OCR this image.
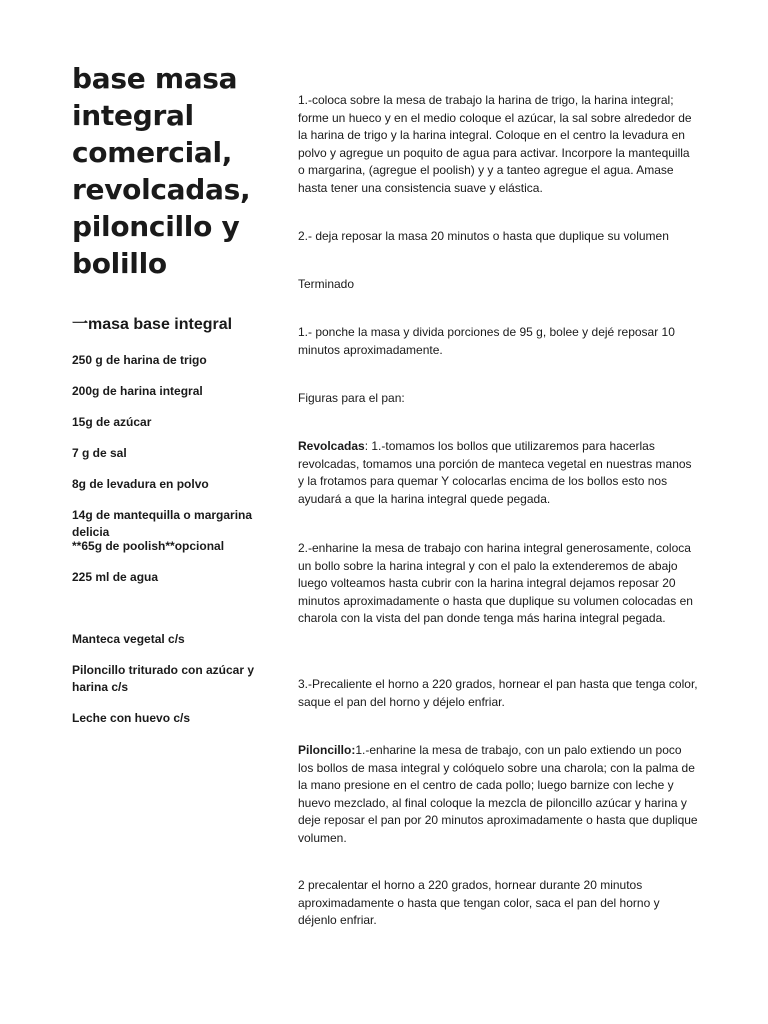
base masa integral comercial, revolcadas, piloncillo y bolillo
一masa base integral
250 g de harina de trigo
200g de harina integral
15g de azúcar
7 g de sal
8g de levadura en polvo
14g de mantequilla o margarina delicia
**65g de poolish**opcional
225 ml de agua
Manteca vegetal c/s
Piloncillo triturado con azúcar y harina c/s
Leche con huevo c/s

1.-coloca sobre la mesa de trabajo la harina de trigo, la harina integral; forme un hueco y en el medio coloque el azúcar, la sal sobre alrededor de la harina de trigo y la harina integral. Coloque en el centro la levadura en polvo y agregue un poquito de agua para activar. Incorpore la mantequilla o margarina, (agregue el poolish) y y a tanteo agregue el agua. Amase hasta tener una consistencia suave y elástica.

2.- deja reposar la masa 20 minutos o hasta que duplique su volumen

Terminado

1.- ponche la masa y divida porciones de 95 g, bolee y dejé reposar 10 minutos aproximadamente.

Figuras para el pan:

Revolcadas: 1.-tomamos los bollos que utilizaremos para hacerlas revolcadas, tomamos una porción de manteca vegetal en nuestras manos y la frotamos para quemar Y colocarlas encima de los bollos esto nos ayudará a que la harina integral quede pegada.

2.-enharine la mesa de trabajo con harina integral generosamente, coloca un bollo sobre la harina integral y con el palo la extenderemos de abajo luego volteamos hasta cubrir con la harina integral dejamos reposar 20 minutos aproximadamente o hasta que duplique su volumen colocadas en charola con la vista del pan donde tenga más harina integral pegada.

3.-Precaliente el horno a 220 grados, hornear el pan hasta que tenga color, saque el pan del horno y déjelo enfriar.

Piloncillo:1.-enharine la mesa de trabajo, con un palo extiendo un poco los bollos de masa integral y colóquelo sobre una charola; con la palma de la mano presione en el centro de cada pollo; luego barnize con leche y huevo mezclado, al final coloque la mezcla de piloncillo azúcar y harina y deje reposar el pan por 20 minutos aproximadamente o hasta que duplique volumen.

2 precalentar el horno a 220 grados, hornear durante 20 minutos aproximadamente o hasta que tengan color, saca el pan del horno y déjenlo enfriar.
